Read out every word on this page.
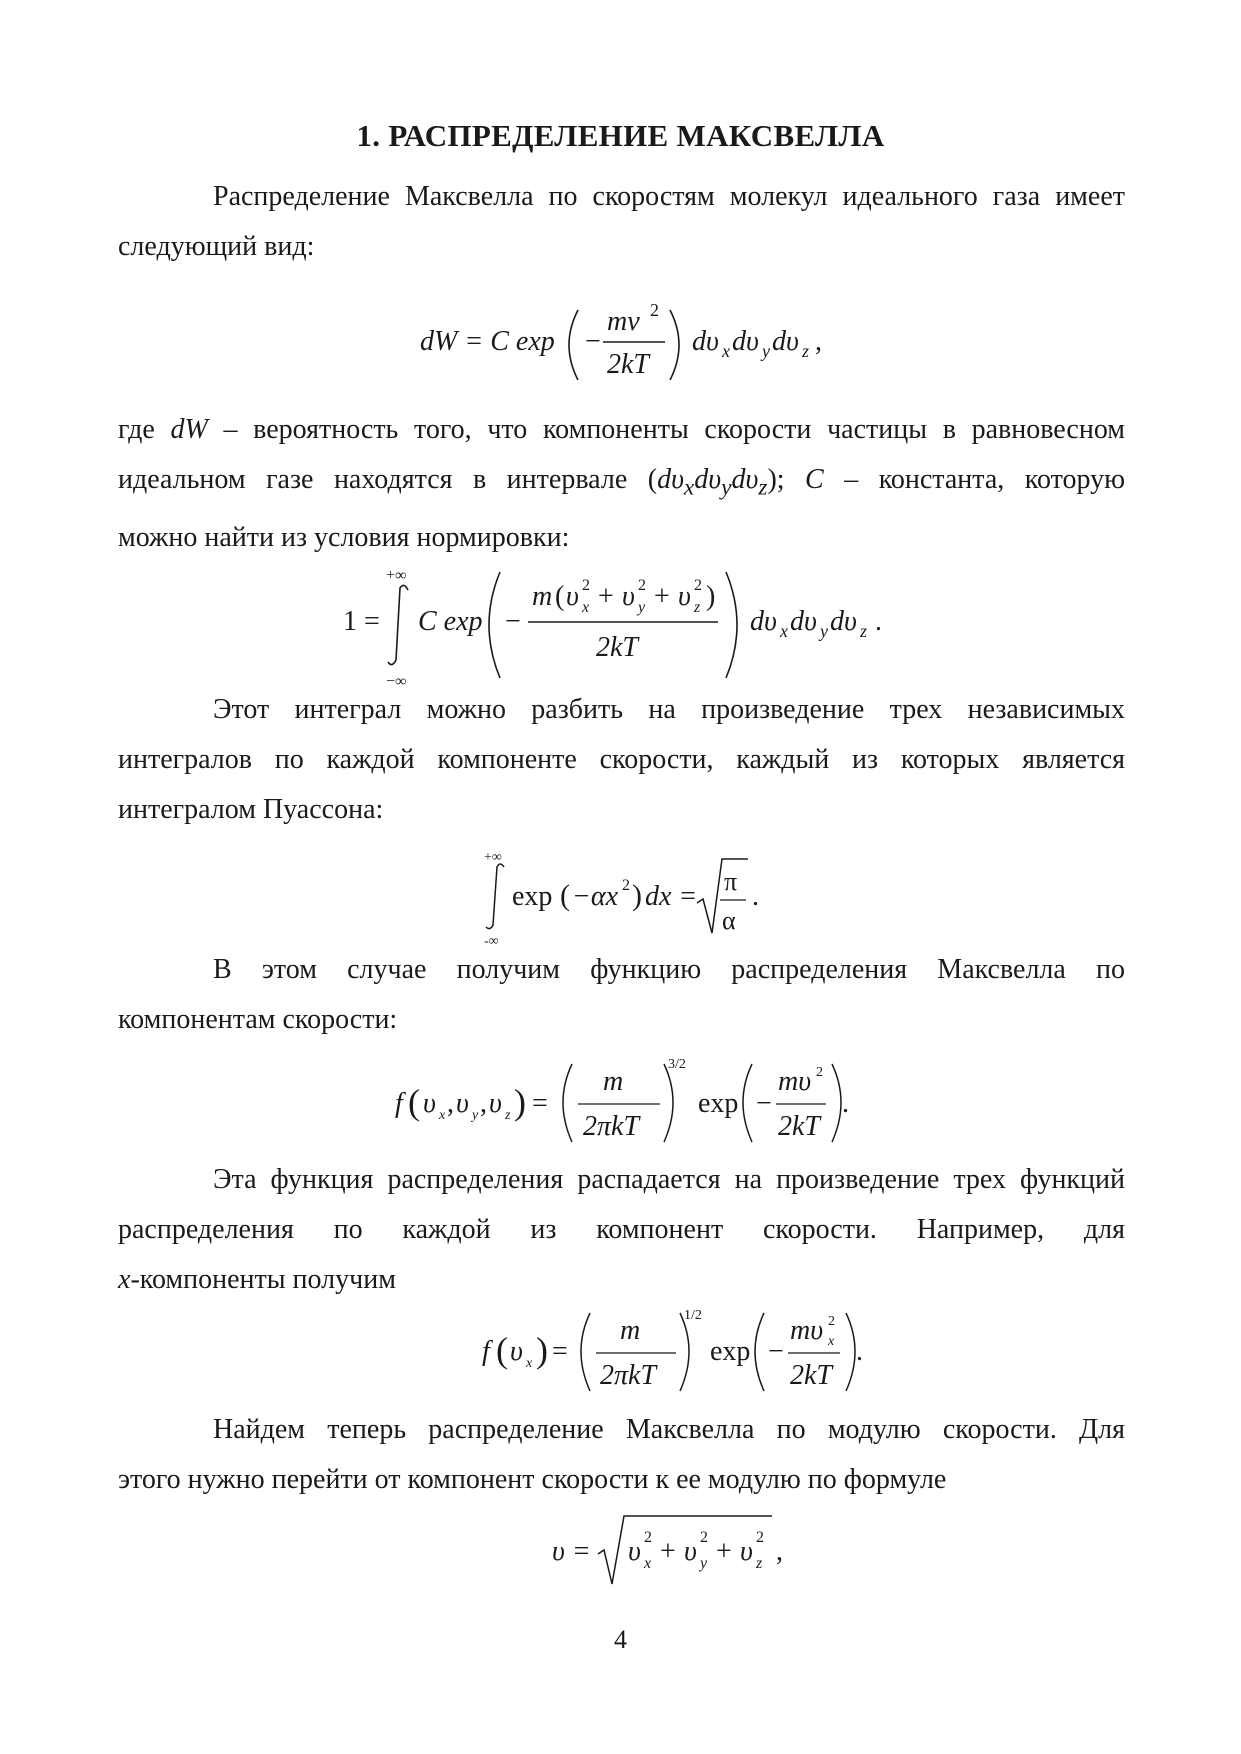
1. РАСПРЕДЕЛЕНИЕ МАКСВЕЛЛА
Распределение Максвелла по скоростям молекул идеального газа имеет
следующий вид:
dW = C exp −
mv 2
2kT
dυ x dυ y dυ z ,
где dW – вероятность того, что компоненты скорости частицы в равновесном
идеальном газе находятся в интервале $(d\upsilon_xd\upsilon_yd\upsilon_z)$; C – константа, которую
можно найти из условия нормировки:
1 =
+∞
−∞
C exp −
m ( υ 2
x + υ 2
y + υ 2
z )
2kT
dυ x dυ y dυ z .
Этот интеграл можно разбить на произведение трех независимых
интегралов по каждой компоненте скорости, каждый из которых является
интегралом Пуассона:
+∞
-∞
exp ( −αx 2 ) dx = π
α
.
В этом случае получим функцию распределения Максвелла по
компонентам скорости:
f ( υ x , υ y , υ z ) =
m
2πkT
3/2
exp −
mυ 2
2kT
.
Эта функция распределения распадается на произведение трех функций
распределения по каждой из компонент скорости. Например, для
x-компоненты получим
f ( υ x ) =
m
2πkT
1/2
exp −
mυ 2
x
2kT
.
Найдем теперь распределение Максвелла по модулю скорости. Для
этого нужно перейти от компонент скорости к ее модулю по формуле
υ = υ 2
x + υ 2
y + υ 2
z ,
4
